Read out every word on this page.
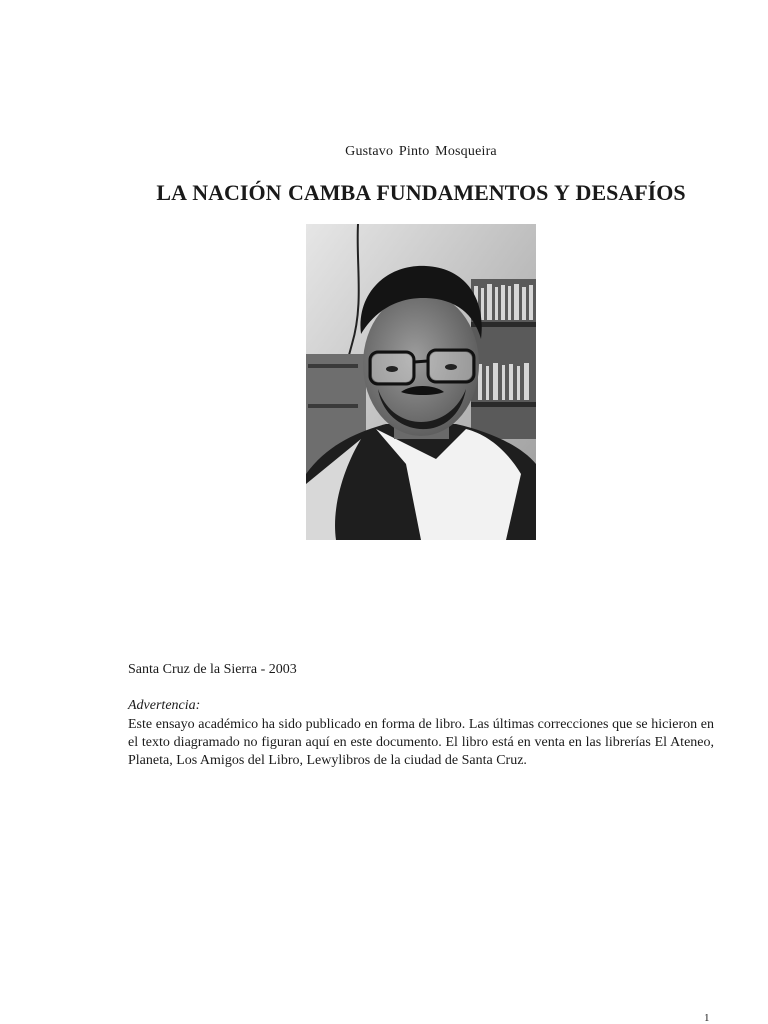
Gustavo Pinto Mosqueira
LA NACIÓN CAMBA FUNDAMENTOS Y DESAFÍOS
Santa Cruz de la Sierra - 2003
Advertencia:

Este ensayo académico ha sido publicado en forma de libro. Las últimas correcciones que se hicieron en el texto diagramado no figuran aquí en este documento. El libro está en venta en las librerías El Ateneo, Planeta, Los Amigos del Libro, Lewylibros de la ciudad de Santa Cruz.

1
